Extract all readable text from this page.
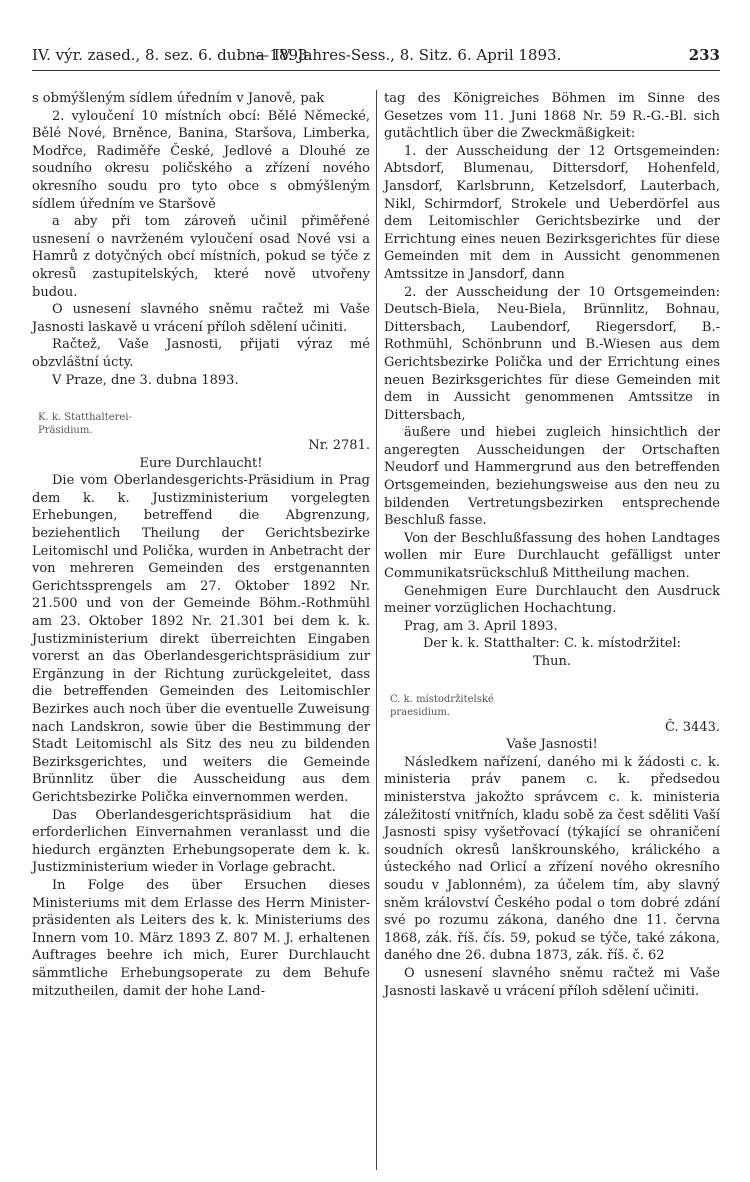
IV. výr. zased., 8. sez. 6. dubna 1893.
— IV. Jahres-Sess., 8. Sitz. 6. April 1893.	233

s obmýšleným sídlem úředním v Janově, pak

2. vyloučení 10 místních obcí: Bělé Německé, Bělé Nové, Brněnce, Banina, Staršova, Limberka, Modřce, Radiměře České, Jedlové a Dlouhé ze soudního okresu poličského a zřízení nového okresního soudu pro tyto obce s obmýšleným sídlem úředním ve Staršově

a aby při tom zároveň učinil přiměřené usnesení o navrženém vyloučení osad Nové vsi a Hamrů z dotyčných obcí místních, pokud se týče z okresů zastupitelských, které nově utvořeny budou.

O usnesení slavného sněmu račtež mi Vaše Jasnosti laskavě u vrácení příloh sdělení učiniti.

Račtež, Vaše Jasnosti, přijati výraz mé obzvláštní úcty.

V Praze, dne 3. dubna 1893.

K. k. Statthalterei-
Präsidium.

Nr. 2781.

Eure Durchlaucht!

Die vom Oberlandesgerichts-Präsidium in Prag dem k. k. Justizministerium vorgelegten Erhebungen, betreffend die Abgrenzung, beziehentlich Theilung der Gerichtsbezirke Leitomischl und Polička, wurden in Anbetracht der von mehreren Gemeinden des erstgenannten Gerichtssprengels am 27. Oktober 1892 Nr. 21.500 und von der Gemeinde Böhm.-Rothmühl am 23. Oktober 1892 Nr. 21.301 bei dem k. k. Justizministerium direkt überreichten Eingaben vorerst an das Oberlandesgerichtspräsidium zur Ergänzung in der Richtung zurückgeleitet, dass die betreffenden Gemeinden des Leitomischler Bezirkes auch noch über die eventuelle Zuweisung nach Landskron, sowie über die Bestimmung der Stadt Leitomischl als Sitz des neu zu bildenden Bezirksgerichtes, und weiters die Gemeinde Brünnlitz über die Ausscheidung aus dem Gerichtsbezirke Polička einvernommen werden.

Das Oberlandesgerichtspräsidium hat die erforderlichen Einvernahmen veranlasst und die hiedurch ergänzten Erhebungsoperate dem k. k. Justizministerium wieder in Vorlage gebracht.

In Folge des über Ersuchen dieses Ministeriums mit dem Erlasse des Herrn Minister-präsidenten als Leiters des k. k. Ministeriums des Innern vom 10. März 1893 Z. 807 M. J. erhaltenen Auftrages beehre ich mich, Eurer Durchlaucht sämmtliche Erhebungsoperate zu dem Behufe mitzutheilen, damit der hohe Land-

tag des Königreiches Böhmen im Sinne des Gesetzes vom 11. Juni 1868 Nr. 59 R.-G.-Bl. sich gutächtlich über die Zweckmäßigkeit:

1. der Ausscheidung der 12 Ortsgemeinden: Abtsdorf, Blumenau, Dittersdorf, Hohenfeld, Jansdorf, Karlsbrunn, Ketzelsdorf, Lauterbach, Nikl, Schirmdorf, Strokele und Ueberdörfel aus dem Leitomischler Gerichtsbezirke und der Errichtung eines neuen Bezirksgerichtes für diese Gemeinden mit dem in Aussicht genommenen Amtssitze in Jansdorf, dann

2. der Ausscheidung der 10 Ortsgemeinden: Deutsch-Biela, Neu-Biela, Brünnlitz, Bohnau, Dittersbach, Laubendorf, Riegersdorf, B.-Rothmühl, Schönbrunn und B.-Wiesen aus dem Gerichtsbezirke Polička und der Errichtung eines neuen Bezirksgerichtes für diese Gemeinden mit dem in Aussicht genommenen Amtssitze in Dittersbach,

äußere und hiebei zugleich hinsichtlich der angeregten Ausscheidungen der Ortschaften Neudorf und Hammergrund aus den betreffenden Ortsgemeinden, beziehungsweise aus den neu zu bildenden Vertretungsbezirken entsprechende Beschluß fasse.

Von der Beschlußfassung des hohen Landtages wollen mir Eure Durchlaucht gefälligst unter Communikatsrückschluß Mittheilung machen.

Genehmigen Eure Durchlaucht den Ausdruck meiner vorzüglichen Hochachtung.

Prag, am 3. April 1893.

Der k. k. Statthalter: C. k. místodržitel:

Thun.

C. k. místodržitelské
praesidium.

Č. 3443.

Vaše Jasnosti!

Následkem nařízení, daného mi k žádosti c. k. ministeria práv panem c. k. předsedou ministerstva jakožto správcem c. k. ministeria záležitostí vnitřních, kladu sobě za čest sděliti Vaší Jasnosti spisy vyšetřovací (týkající se ohraničení soudních okresů lanškrounského, králického a ústeckého nad Orlicí a zřízení nového okresního soudu v Jablonném), za účelem tím, aby slavný sněm království Českého podal o tom dobré zdání své po rozumu zákona, daného dne 11. června 1868, zák. říš. čís. 59, pokud se týče, také zákona, daného dne 26. dubna 1873, zák. říš. č. 62

O usnesení slavného sněmu račtež mi Vaše Jasnosti laskavě u vrácení příloh sdělení učiniti.
